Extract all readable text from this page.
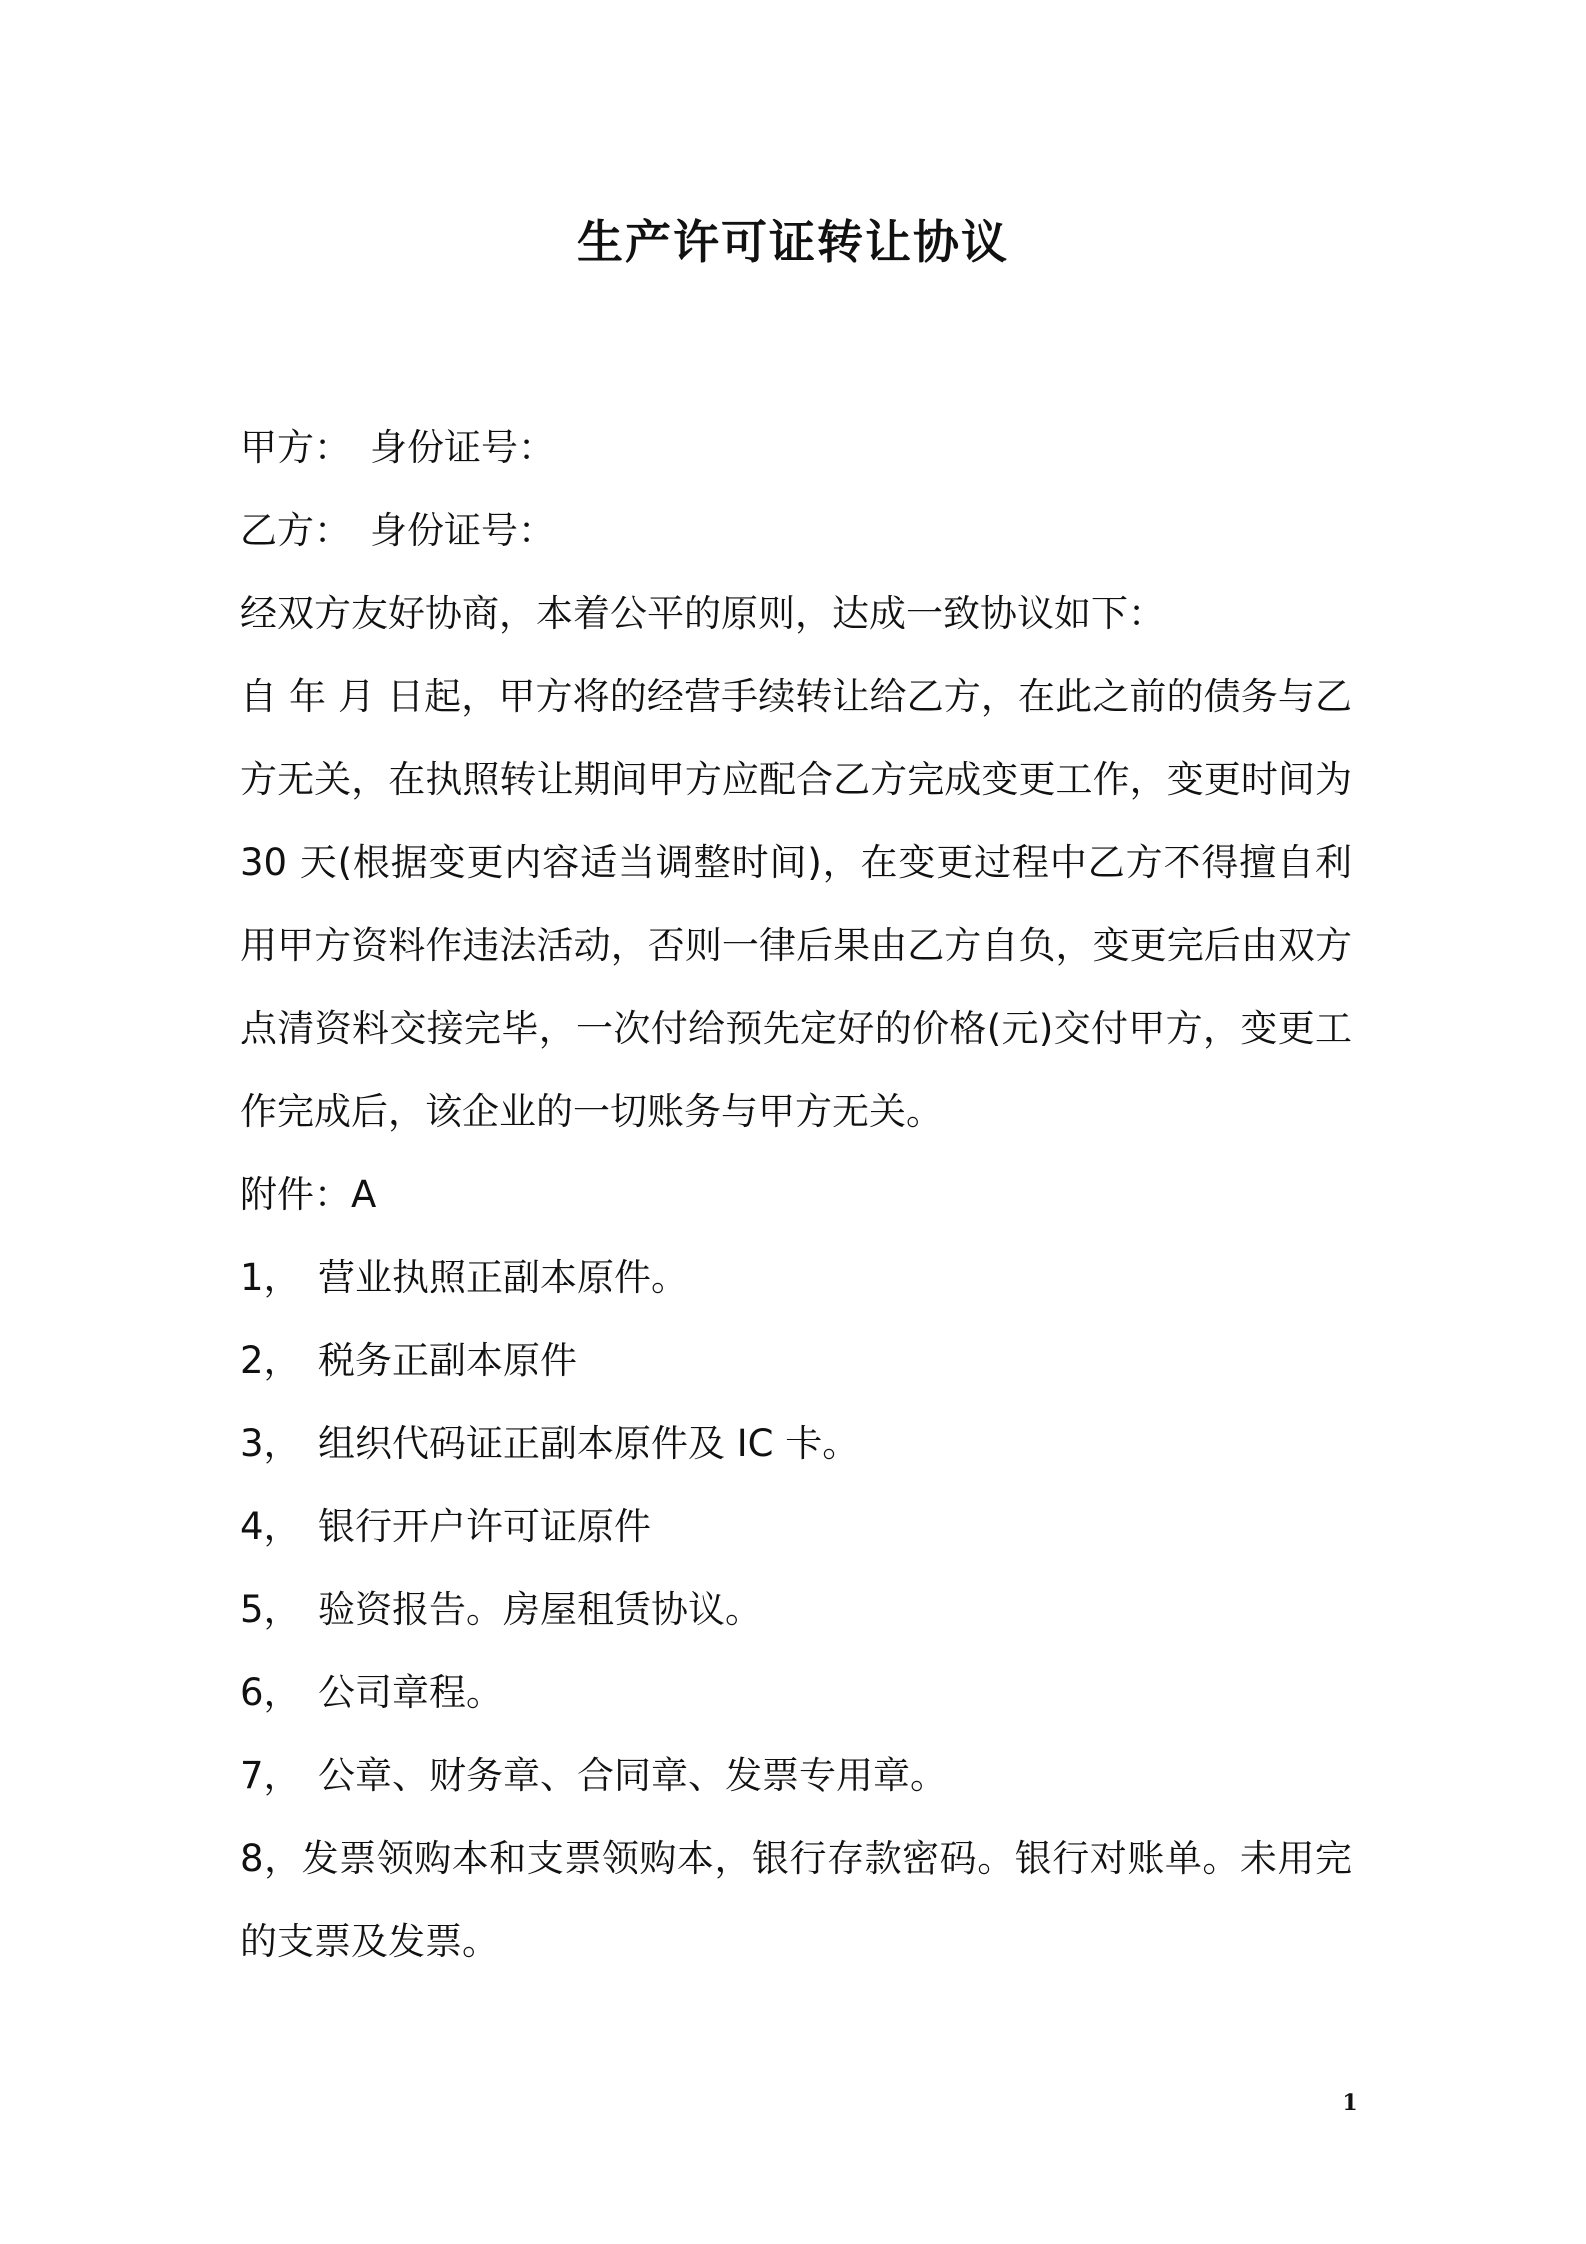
生产许可证转让协议
甲方： 身份证号：
乙方： 身份证号：
经双方友好协商，本着公平的原则，达成一致协议如下：
自 年 月 日起，甲方将的经营手续转让给乙方，在此之前的债务与乙方无关，在执照转让期间甲方应配合乙方完成变更工作，变更时间为 30 天(根据变更内容适当调整时间)，在变更过程中乙方不得擅自利用甲方资料作违法活动，否则一律后果由乙方自负，变更完后由双方点清资料交接完毕，一次付给预先定好的价格(元)交付甲方，变更工作完成后，该企业的一切账务与甲方无关。
附件：A
1， 营业执照正副本原件。
2， 税务正副本原件
3， 组织代码证正副本原件及 IC 卡。
4， 银行开户许可证原件
5， 验资报告。房屋租赁协议。
6， 公司章程。
7， 公章、财务章、合同章、发票专用章。
8，发票领购本和支票领购本，银行存款密码。银行对账单。未用完的支票及发票。
1
